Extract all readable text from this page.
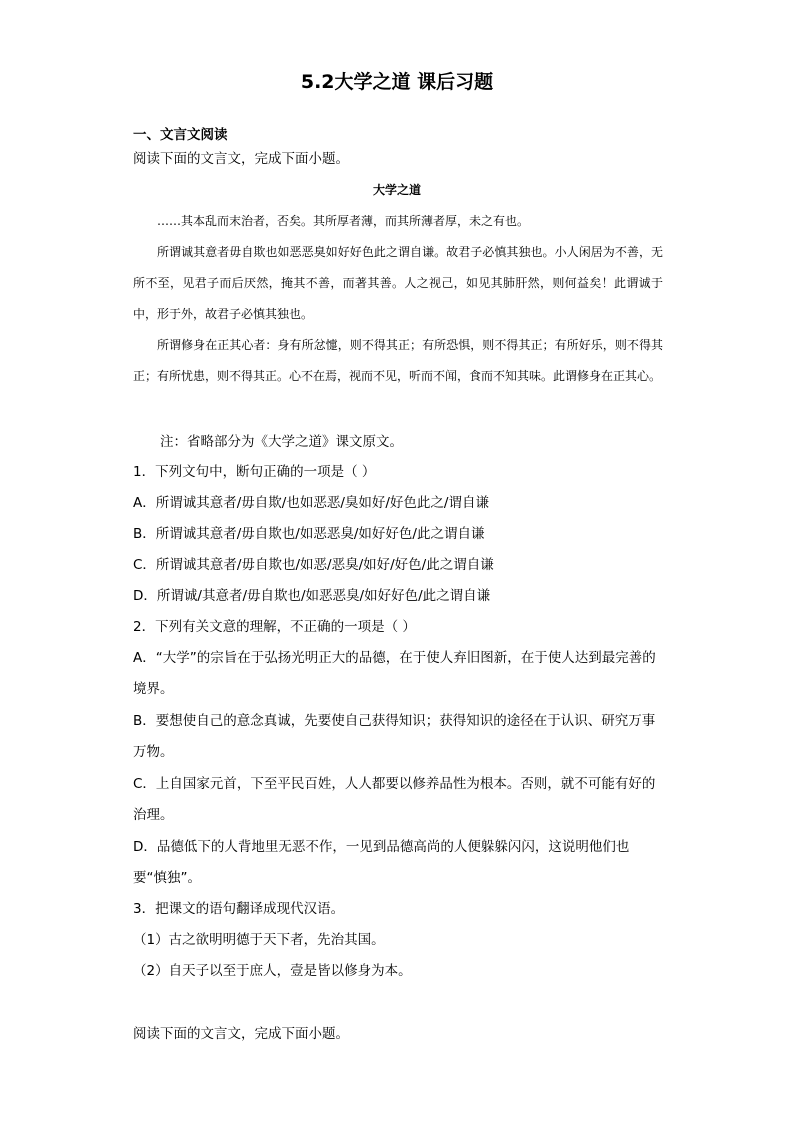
5.2大学之道 课后习题
一、文言文阅读
阅读下面的文言文，完成下面小题。
大学之道

……其本乱而末治者，否矣。其所厚者薄，而其所薄者厚，未之有也。

所谓诚其意者毋自欺也如恶恶臭如好好色此之谓自谦。故君子必慎其独也。小人闲居为不善，无所不至，见君子而后厌然，掩其不善，而著其善。人之视己，如见其肺肝然，则何益矣！此谓诚于中，形于外，故君子必慎其独也。

所谓修身在正其心者：身有所忿懥，则不得其正；有所恐惧，则不得其正；有所好乐，则不得其正；有所忧患，则不得其正。心不在焉，视而不见，听而不闻，食而不知其味。此谓修身在正其心。

注：省略部分为《大学之道》课文原文。
1．下列文句中，断句正确的一项是（ ）
A．所谓诚其意者/毋自欺/也如恶恶/臭如好/好色此之/谓自谦
B．所谓诚其意者/毋自欺也/如恶恶臭/如好好色/此之谓自谦
C．所谓诚其意者/毋自欺也/如恶/恶臭/如好/好色/此之谓自谦
D．所谓诚/其意者/毋自欺也/如恶恶臭/如好好色/此之谓自谦
2．下列有关文意的理解，不正确的一项是（ ）
A．“大学”的宗旨在于弘扬光明正大的品德，在于使人弃旧图新，在于使人达到最完善的境界。
B．要想使自己的意念真诚，先要使自己获得知识；获得知识的途径在于认识、研究万事万物。
C．上自国家元首，下至平民百姓，人人都要以修养品性为根本。否则，就不可能有好的治理。
D．品德低下的人背地里无恶不作，一见到品德高尚的人便躲躲闪闪，这说明他们也要“慎独”。
3．把课文的语句翻译成现代汉语。
（1）古之欲明明德于天下者，先治其国。
（2）自天子以至于庶人，壹是皆以修身为本。
阅读下面的文言文，完成下面小题。
